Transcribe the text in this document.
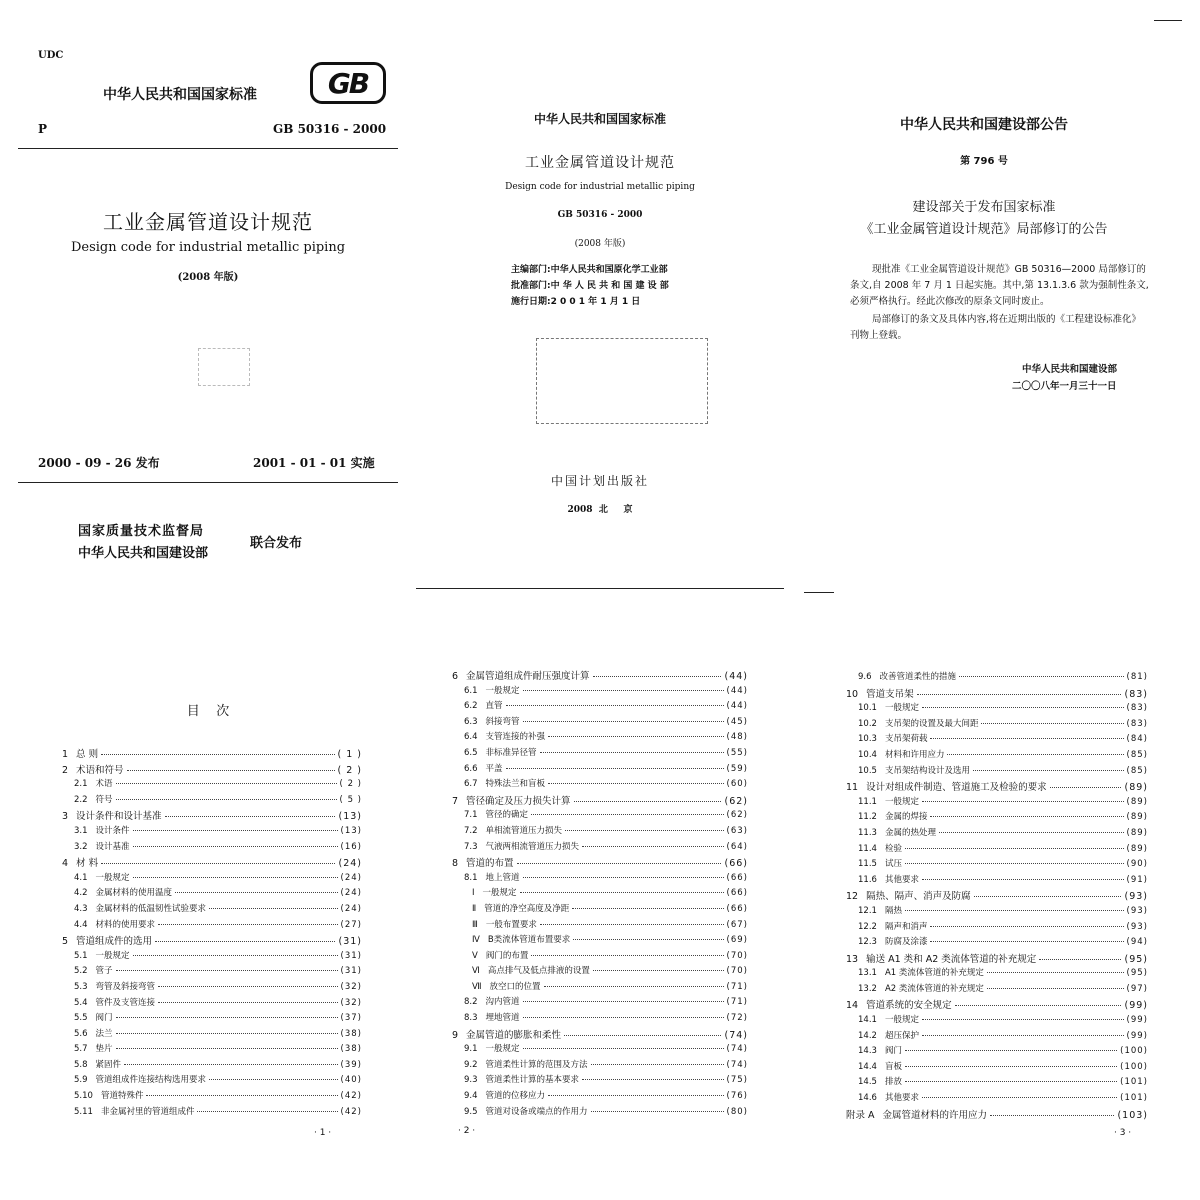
UDC
中华人民共和国国家标准	GB
P	GB 50316 - 2000
工业金属管道设计规范
Design code for industrial metallic piping
(2008 年版)
2000 - 09 - 26 发布	2001 - 01 - 01 实施
国家质量技术监督局
中华人民共和国建设部
联合发布
中华人民共和国国家标准
工业金属管道设计规范
Design code for industrial metallic piping
GB 50316 - 2000
(2008 年版)
主编部门:中华人民共和国原化学工业部
批准部门:中 华 人 民 共 和 国 建 设 部
施行日期:2 0 0 1 年 1 月 1 日
中国计划出版社
2008  北     京
中华人民共和国建设部公告
第 796 号
建设部关于发布国家标准
《工业金属管道设计规范》局部修订的公告
现批准《工业金属管道设计规范》GB 50316—2000 局部修订的条文,自 2008 年 7 月 1 日起实施。其中,第 13.1.3.6 款为强制性条文,必须严格执行。经此次修改的原条文同时废止。
局部修订的条文及具体内容,将在近期出版的《工程建设标准化》刊物上登载。
中华人民共和国建设部
二〇〇八年一月三十一日
目    次
1 总 则	( 1 )
2 术语和符号	( 2 )
2.1 术语	( 2 )
2.2 符号	( 5 )
3 设计条件和设计基准	(13)
3.1 设计条件	(13)
3.2 设计基准	(16)
4 材 料	(24)
4.1 一般规定	(24)
4.2 金属材料的使用温度	(24)
4.3 金属材料的低温韧性试验要求	(24)
4.4 材料的使用要求	(27)
5 管道组成件的选用	(31)
5.1 一般规定	(31)
5.2 管子	(31)
5.3 弯管及斜接弯管	(32)
5.4 管件及支管连接	(32)
5.5 阀门	(37)
5.6 法兰	(38)
5.7 垫片	(38)
5.8 紧固件	(39)
5.9 管道组成件连接结构选用要求	(40)
5.10 管道特殊件	(42)
5.11 非金属衬里的管道组成件	(42)
· 1 ·
6 金属管道组成件耐压强度计算	(44)
6.1 一般规定	(44)
6.2 直管	(44)
6.3 斜接弯管	(45)
6.4 支管连接的补强	(48)
6.5 非标准异径管	(55)
6.6 平盖	(59)
6.7 特殊法兰和盲板	(60)
7 管径确定及压力损失计算	(62)
7.1 管径的确定	(62)
7.2 单相流管道压力损失	(63)
7.3 气液两相流管道压力损失	(64)
8 管道的布置	(66)
8.1 地上管道	(66)
Ⅰ 一般规定	(66)
Ⅱ 管道的净空高度及净距	(66)
Ⅲ 一般布置要求	(67)
Ⅳ B类流体管道布置要求	(69)
Ⅴ 阀门的布置	(70)
Ⅵ 高点排气及低点排液的设置	(70)
Ⅶ 放空口的位置	(71)
8.2 沟内管道	(71)
8.3 埋地管道	(72)
9 金属管道的膨胀和柔性	(74)
9.1 一般规定	(74)
9.2 管道柔性计算的范围及方法	(74)
9.3 管道柔性计算的基本要求	(75)
9.4 管道的位移应力	(76)
9.5 管道对设备或端点的作用力	(80)
· 2 ·
9.6 改善管道柔性的措施	(81)
10 管道支吊架	(83)
10.1 一般规定	(83)
10.2 支吊架的设置及最大间距	(83)
10.3 支吊架荷载	(84)
10.4 材料和许用应力	(85)
10.5 支吊架结构设计及选用	(85)
11 设计对组成件制造、管道施工及检验的要求	(89)
11.1 一般规定	(89)
11.2 金属的焊接	(89)
11.3 金属的热处理	(89)
11.4 检验	(89)
11.5 试压	(90)
11.6 其他要求	(91)
12 隔热、隔声、消声及防腐	(93)
12.1 隔热	(93)
12.2 隔声和消声	(93)
12.3 防腐及涂漆	(94)
13 输送 A1 类和 A2 类流体管道的补充规定	(95)
13.1 A1 类流体管道的补充规定	(95)
13.2 A2 类流体管道的补充规定	(97)
14 管道系统的安全规定	(99)
14.1 一般规定	(99)
14.2 超压保护	(99)
14.3 阀门	(100)
14.4 盲板	(100)
14.5 排放	(101)
14.6 其他要求	(101)
附录 A 金属管道材料的许用应力	(103)
· 3 ·
